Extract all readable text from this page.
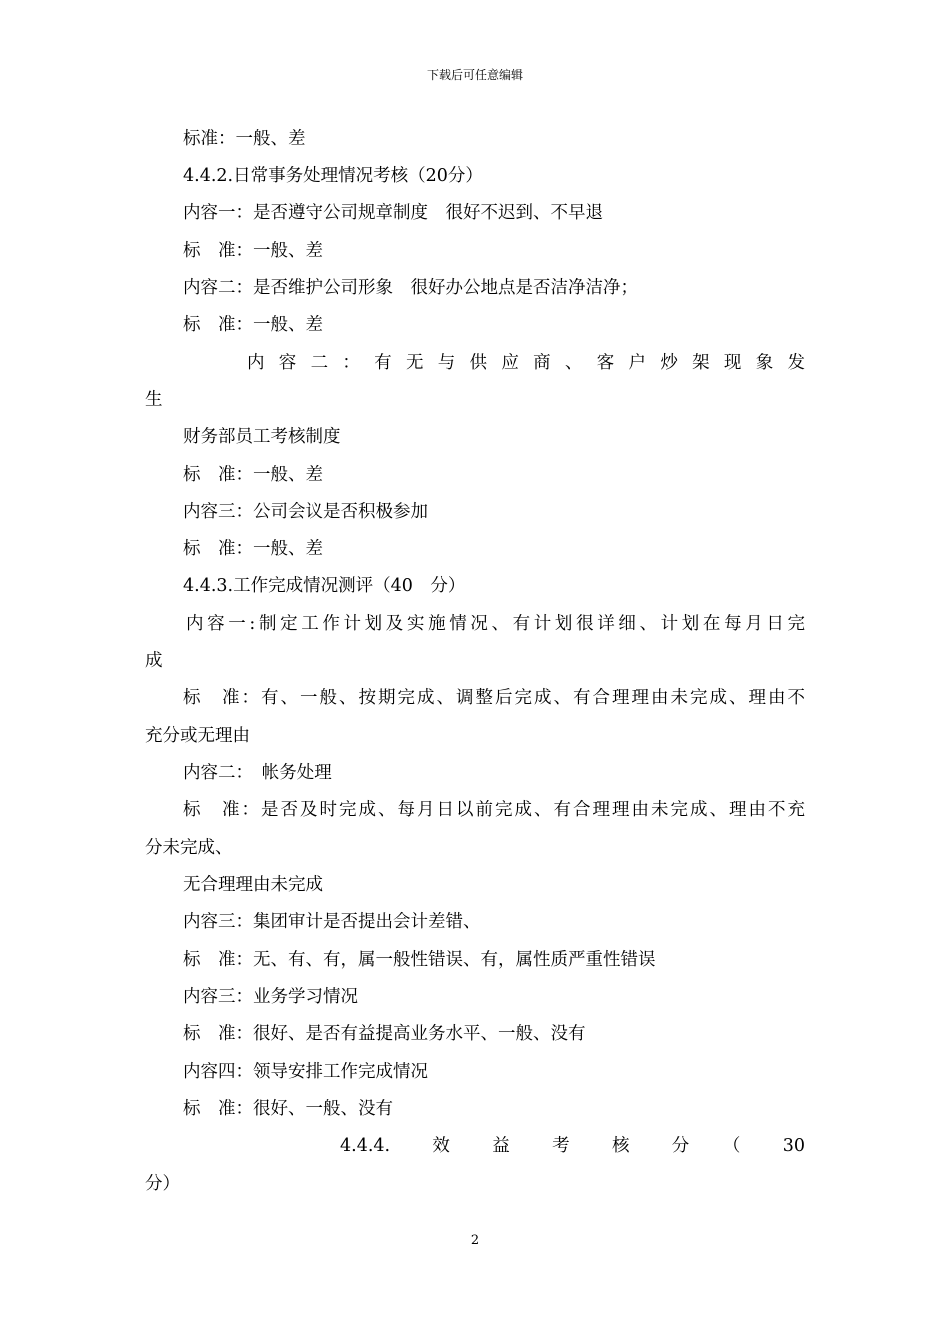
下载后可任意编辑
标准：一般、差
4.4.2.日常事务处理情况考核（20分）
内容一：是否遵守公司规章制度　很好不迟到、不早退
标　准：一般、差
内容二：是否维护公司形象　很好办公地点是否洁净洁净；
标　准：一般、差
内 容 二 ： 有 无 与 供 应 商 、 客 户 炒 架 现 象 发
生
财务部员工考核制度
标　准：一般、差
内容三：公司会议是否积极参加
标　准：一般、差
4.4.3.工作完成情况测评（40　分）
内容一:制定工作计划及实施情况、有计划很详细、计划在每月日完
成
标　准：有、一般、按期完成、调整后完成、有合理理由未完成、理由不
充分或无理由
内容二：　帐务处理
标　准：是否及时完成、每月日以前完成、有合理理由未完成、理由不充
分未完成、
无合理理由未完成
内容三：集团审计是否提出会计差错、
标　准：无、有、有，属一般性错误、有，属性质严重性错误
内容三：业务学习情况
标　准：很好、是否有益提高业务水平、一般、没有
内容四：领导安排工作完成情况
标　准：很好、一般、没有
4.4.4.　　效　　益　　考　　核　　分　　（　　30
分）
2
